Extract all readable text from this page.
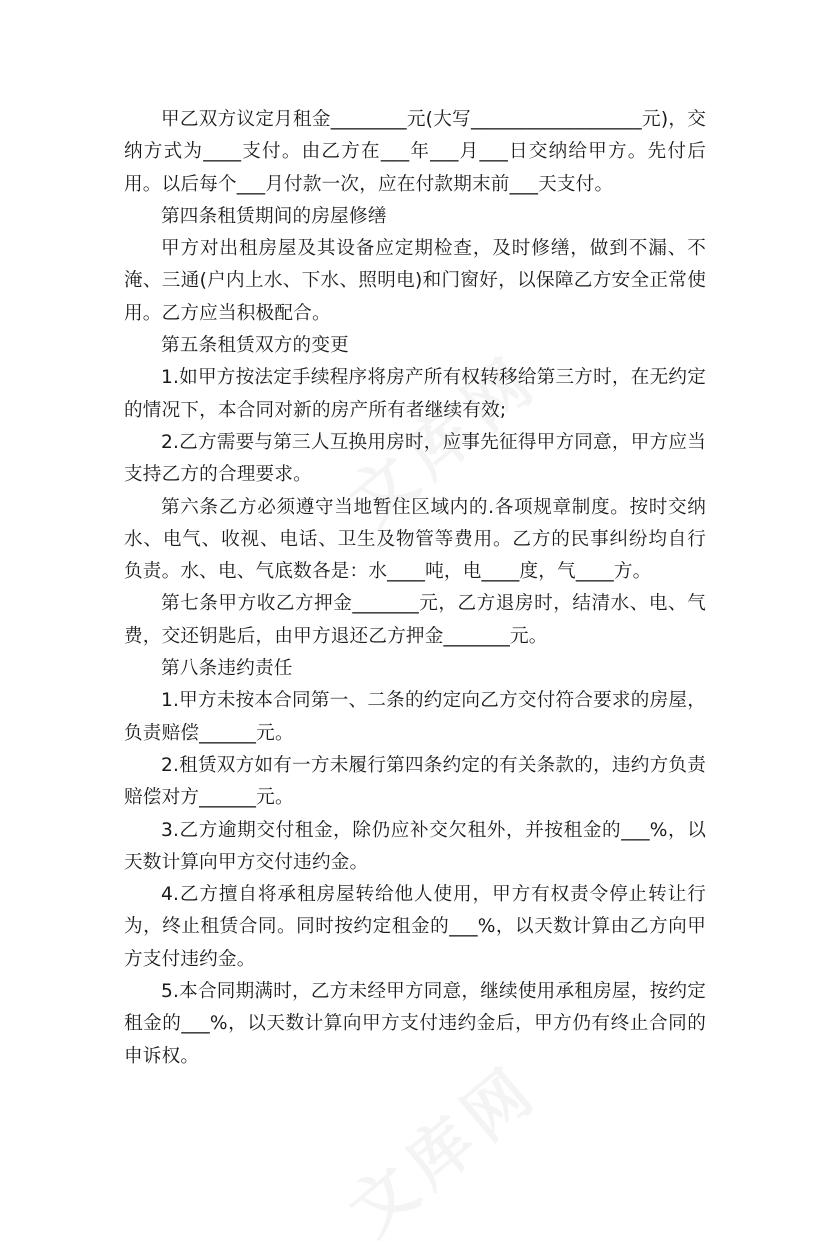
甲乙双方议定月租金________元(大写__________________元)，交纳方式为____支付。由乙方在___年___月___日交纳给甲方。先付后用。以后每个___月付款一次，应在付款期末前___天支付。

第四条租赁期间的房屋修缮

甲方对出租房屋及其设备应定期检查，及时修缮，做到不漏、不淹、三通(户内上水、下水、照明电)和门窗好，以保障乙方安全正常使用。乙方应当积极配合。

第五条租赁双方的变更

1.如甲方按法定手续程序将房产所有权转移给第三方时，在无约定的情况下，本合同对新的房产所有者继续有效;

2.乙方需要与第三人互换用房时，应事先征得甲方同意，甲方应当支持乙方的合理要求。

第六条乙方必须遵守当地暂住区域内的.各项规章制度。按时交纳水、电气、收视、电话、卫生及物管等费用。乙方的民事纠纷均自行负责。水、电、气底数各是：水____吨，电____度，气____方。

第七条甲方收乙方押金_______元，乙方退房时，结清水、电、气费，交还钥匙后，由甲方退还乙方押金_______元。

第八条违约责任

1.甲方未按本合同第一、二条的约定向乙方交付符合要求的房屋，负责赔偿______元。

2.租赁双方如有一方未履行第四条约定的有关条款的，违约方负责赔偿对方______元。

3.乙方逾期交付租金，除仍应补交欠租外，并按租金的___%，以天数计算向甲方交付违约金。

4.乙方擅自将承租房屋转给他人使用，甲方有权责令停止转让行为，终止租赁合同。同时按约定租金的___%，以天数计算由乙方向甲方支付违约金。

5.本合同期满时，乙方未经甲方同意，继续使用承租房屋，按约定租金的___%，以天数计算向甲方支付违约金后，甲方仍有终止合同的申诉权。
